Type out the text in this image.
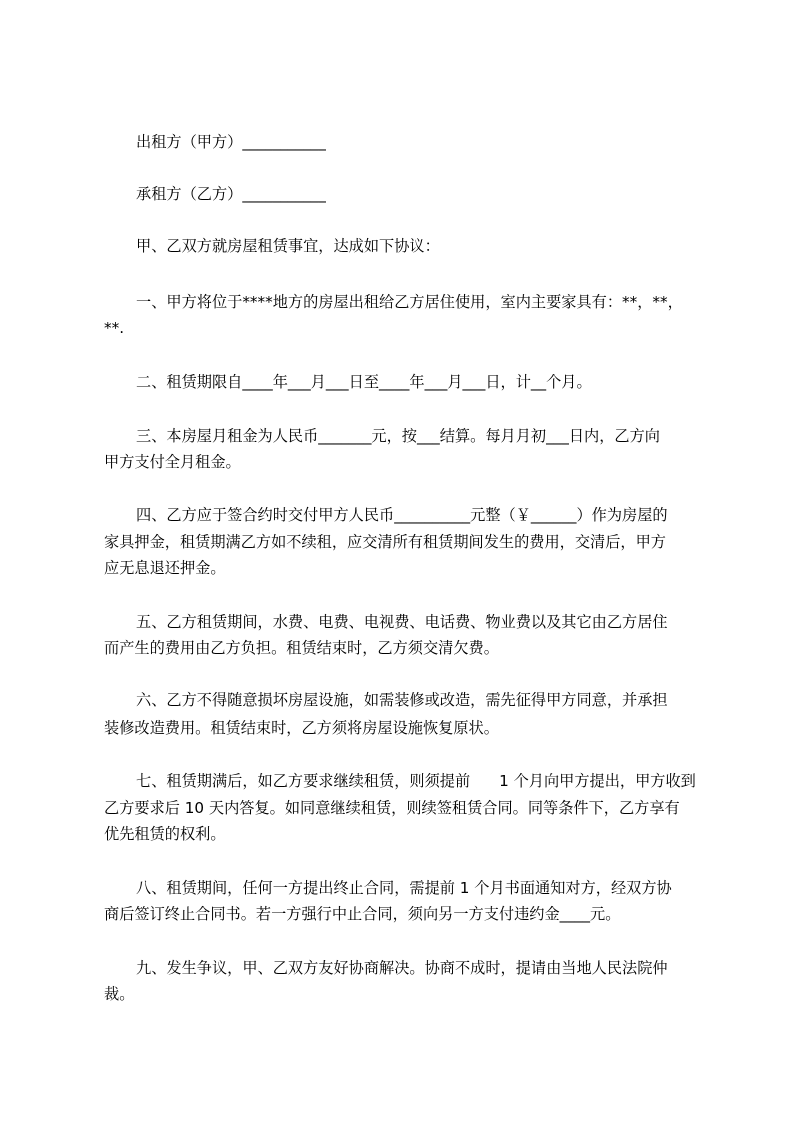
出租方（甲方）___________

承租方（乙方）___________

甲、乙双方就房屋租赁事宜，达成如下协议：

一、甲方将位于****地方的房屋出租给乙方居住使用，室内主要家具有：**，**，

**.

二、租赁期限自____年___月___日至____年___月___日，计__个月。

三、本房屋月租金为人民币_______元，按___结算。每月月初___日内，乙方向

甲方支付全月租金。

四、乙方应于签合约时交付甲方人民币__________元整（￥______）作为房屋的

家具押金，租赁期满乙方如不续租，应交清所有租赁期间发生的费用，交清后，甲方

应无息退还押金。

五、乙方租赁期间，水费、电费、电视费、电话费、物业费以及其它由乙方居住

而产生的费用由乙方负担。租赁结束时，乙方须交清欠费。

六、乙方不得随意损坏房屋设施，如需装修或改造，需先征得甲方同意，并承担

装修改造费用。租赁结束时，乙方须将房屋设施恢复原状。

七、租赁期满后，如乙方要求继续租赁，则须提前      1 个月向甲方提出，甲方收到

乙方要求后 10 天内答复。如同意继续租赁，则续签租赁合同。同等条件下，乙方享有

优先租赁的权利。

八、租赁期间，任何一方提出终止合同，需提前 1 个月书面通知对方，经双方协

商后签订终止合同书。若一方强行中止合同，须向另一方支付违约金____元。

九、发生争议，甲、乙双方友好协商解决。协商不成时，提请由当地人民法院仲

裁。
